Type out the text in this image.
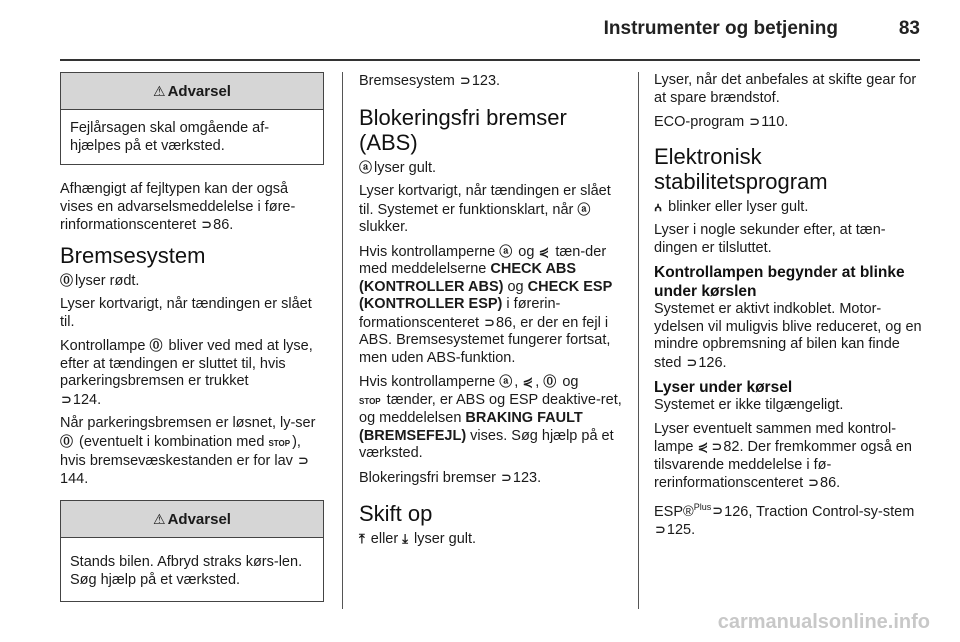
Instrumenter og betjening	83
⚠ Advarsel

Fejlårsagen skal omgående af-hjælpes på et værksted.

Afhængigt af fejltypen kan der også vises en advarselsmeddelelse i føre-rinformationscenteret ⊃86.

Bremsesystem

⓪ lyser rødt.

Lyser kortvarigt, når tændingen er slået til.

Kontrollampe ⓪ bliver ved med at lyse, efter at tændingen er sluttet til, hvis parkeringsbremsen er trukket
⊃124.

Når parkeringsbremsen er løsnet, ly-ser ⓪ (eventuelt i kombination med STOP ), hvis bremsevæskestanden er for lav ⊃144.

⚠ Advarsel

Stands bilen. Afbryd straks kørs-len. Søg hjælp på et værksted.

Bremsesystem ⊃123.

Blokeringsfri bremser (ABS)

ⓐ lyser gult.

Lyser kortvarigt, når tændingen er slået til. Systemet er funktionsklart, når ⓐ slukker.

Hvis kontrollamperne ⓐ og ⋞ tæn-der med meddelelserne CHECK ABS (KONTROLLER ABS) og CHECK ESP (KONTROLLER ESP) i førerin-formationscenteret ⊃86, er der en fejl i ABS. Bremsesystemet fungerer fortsat, men uden ABS-funktion.

Hvis kontrollamperne ⓐ , ⋞ , ⓪ og
STOP tænder, er ABS og ESP deaktive-ret, og meddelelsen BRAKING FAULT (BREMSEFEJL) vises. Søg hjælp på et værksted.

Blokeringsfri bremser ⊃123.

Skift op

⤒ eller ⤓ lyser gult.

Lyser, når det anbefales at skifte gear for at spare brændstof.

ECO-program ⊃110.

Elektronisk stabilitetsprogram

ꭅ blinker eller lyser gult.

Lyser i nogle sekunder efter, at tæn-dingen er tilsluttet.

Kontrollampen begynder at blinke under kørslen

Systemet er aktivt indkoblet. Motor-ydelsen vil muligvis blive reduceret, og en mindre opbremsning af bilen kan finde sted ⊃126.

Lyser under kørsel

Systemet er ikke tilgængeligt.

Lyser eventuelt sammen med kontrol-lampe ⋞ ⊃82. Der fremkommer også en tilsvarende meddelelse i fø-rerinformationscenteret ⊃86.

ESP®$^{Plus}$⊃126, Traction Control-sy-stem ⊃125.

carmanualsonline.info
